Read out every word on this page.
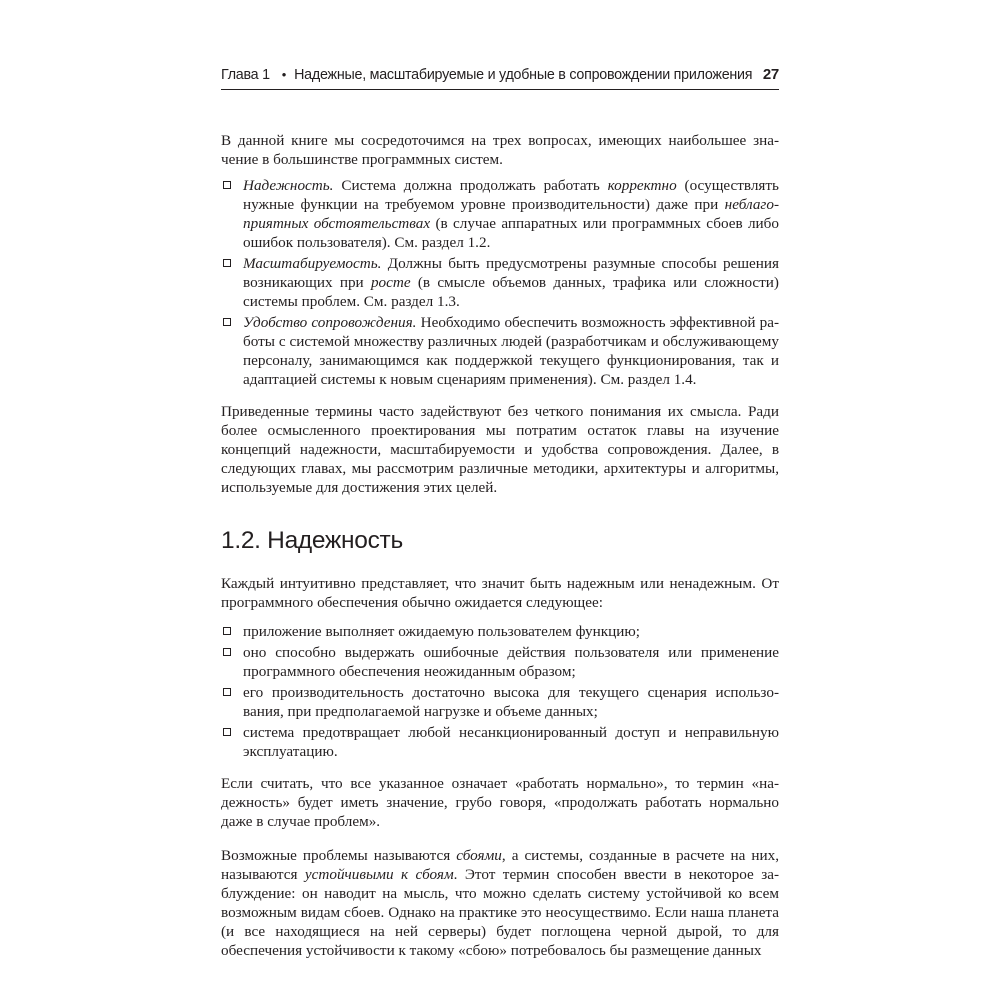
Глава 1 • Надежные, масштабируемые и удобные в сопровождении приложения 27

В данной книге мы сосредоточимся на трех вопросах, имеющих наибольшее значение в большинстве программных систем.

Надежность. Система должна продолжать работать корректно (осуществлять нужные функции на требуемом уровне производительности) даже при неблагоприятных обстоятельствах (в случае аппаратных или программных сбоев либо ошибок пользователя). См. раздел 1.2.
Масштабируемость. Должны быть предусмотрены разумные способы решения возникающих при росте (в смысле объемов данных, трафика или сложности) системы проблем. См. раздел 1.3.
Удобство сопровождения. Необходимо обеспечить возможность эффективной работы с системой множеству различных людей (разработчикам и обслуживающему персоналу, занимающимся как поддержкой текущего функционирования, так и адаптацией системы к новым сценариям применения). См. раздел 1.4.

Приведенные термины часто задействуют без четкого понимания их смысла. Ради более осмысленного проектирования мы потратим остаток главы на изучение концепций надежности, масштабируемости и удобства сопровождения. Далее, в следующих главах, мы рассмотрим различные методики, архитектуры и алгоритмы, используемые для достижения этих целей.

1.2. Надежность

Каждый интуитивно представляет, что значит быть надежным или ненадежным. От программного обеспечения обычно ожидается следующее:

приложение выполняет ожидаемую пользователем функцию;
оно способно выдержать ошибочные действия пользователя или применение программного обеспечения неожиданным образом;
его производительность достаточно высока для текущего сценария использования, при предполагаемой нагрузке и объеме данных;
система предотвращает любой несанкционированный доступ и неправильную эксплуатацию.

Если считать, что все указанное означает «работать нормально», то термин «надежность» будет иметь значение, грубо говоря, «продолжать работать нормально даже в случае проблем».

Возможные проблемы называются сбоями, а системы, созданные в расчете на них, называются устойчивыми к сбоям. Этот термин способен ввести в некоторое заблуждение: он наводит на мысль, что можно сделать систему устойчивой ко всем возможным видам сбоев. Однако на практике это неосуществимо. Если наша планета (и все находящиеся на ней серверы) будет поглощена черной дырой, то для обеспечения устойчивости к такому «сбою» потребовалось бы размещение данных
